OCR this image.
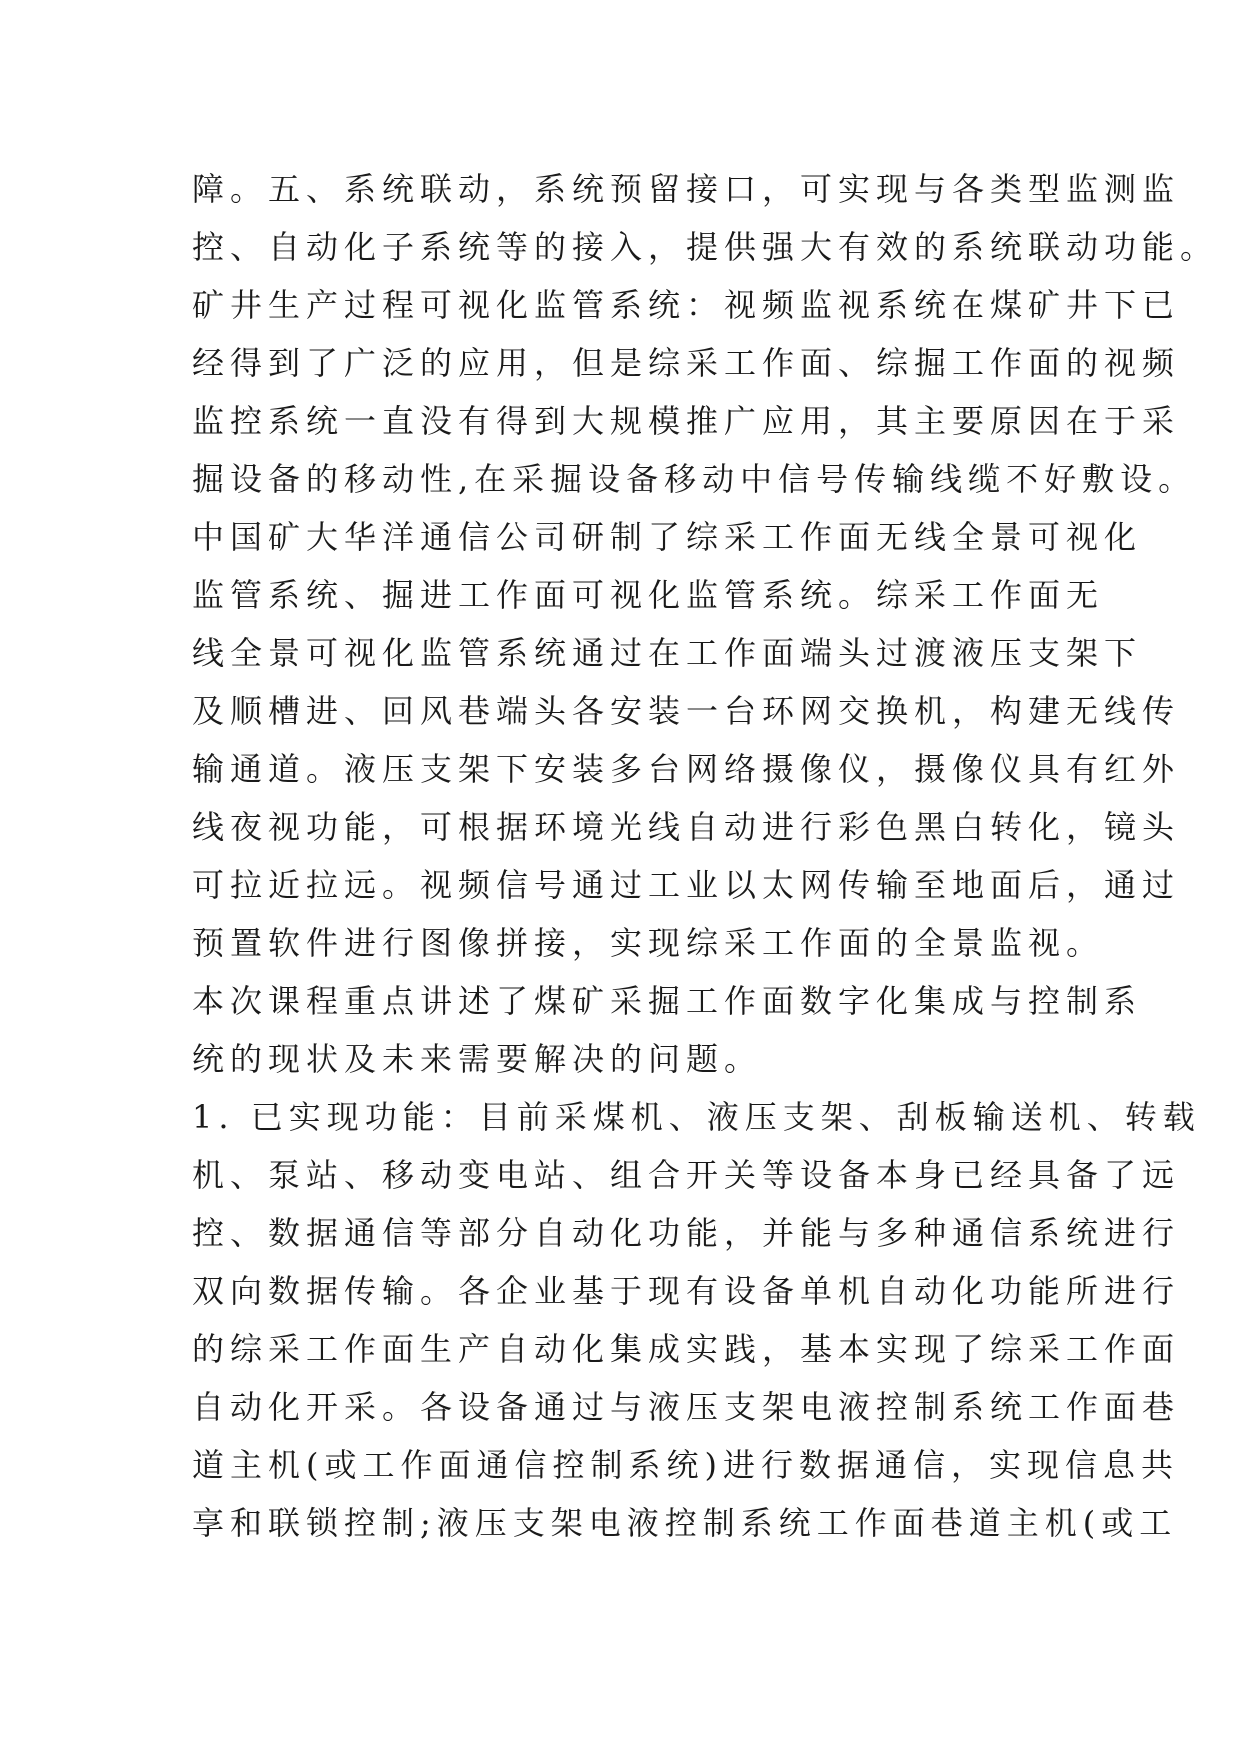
障。五、系统联动，系统预留接口，可实现与各类型监测监
控、自动化子系统等的接入，提供强大有效的系统联动功能。
矿井生产过程可视化监管系统：视频监视系统在煤矿井下已
经得到了广泛的应用，但是综采工作面、综掘工作面的视频
监控系统一直没有得到大规模推广应用，其主要原因在于采
掘设备的移动性,在采掘设备移动中信号传输线缆不好敷设。
中国矿大华洋通信公司研制了综采工作面无线全景可视化
监管系统、掘进工作面可视化监管系统。综采工作面无
线全景可视化监管系统通过在工作面端头过渡液压支架下
及顺槽进、回风巷端头各安装一台环网交换机，构建无线传
输通道。液压支架下安装多台网络摄像仪，摄像仪具有红外
线夜视功能，可根据环境光线自动进行彩色黑白转化，镜头
可拉近拉远。视频信号通过工业以太网传输至地面后，通过
预置软件进行图像拼接，实现综采工作面的全景监视。
本次课程重点讲述了煤矿采掘工作面数字化集成与控制系
统的现状及未来需要解决的问题。
1. 已实现功能：目前采煤机、液压支架、刮板输送机、转载
机、泵站、移动变电站、组合开关等设备本身已经具备了远
控、数据通信等部分自动化功能，并能与多种通信系统进行
双向数据传输。各企业基于现有设备单机自动化功能所进行
的综采工作面生产自动化集成实践，基本实现了综采工作面
自动化开采。各设备通过与液压支架电液控制系统工作面巷
道主机(或工作面通信控制系统)进行数据通信，实现信息共
享和联锁控制;液压支架电液控制系统工作面巷道主机(或工
